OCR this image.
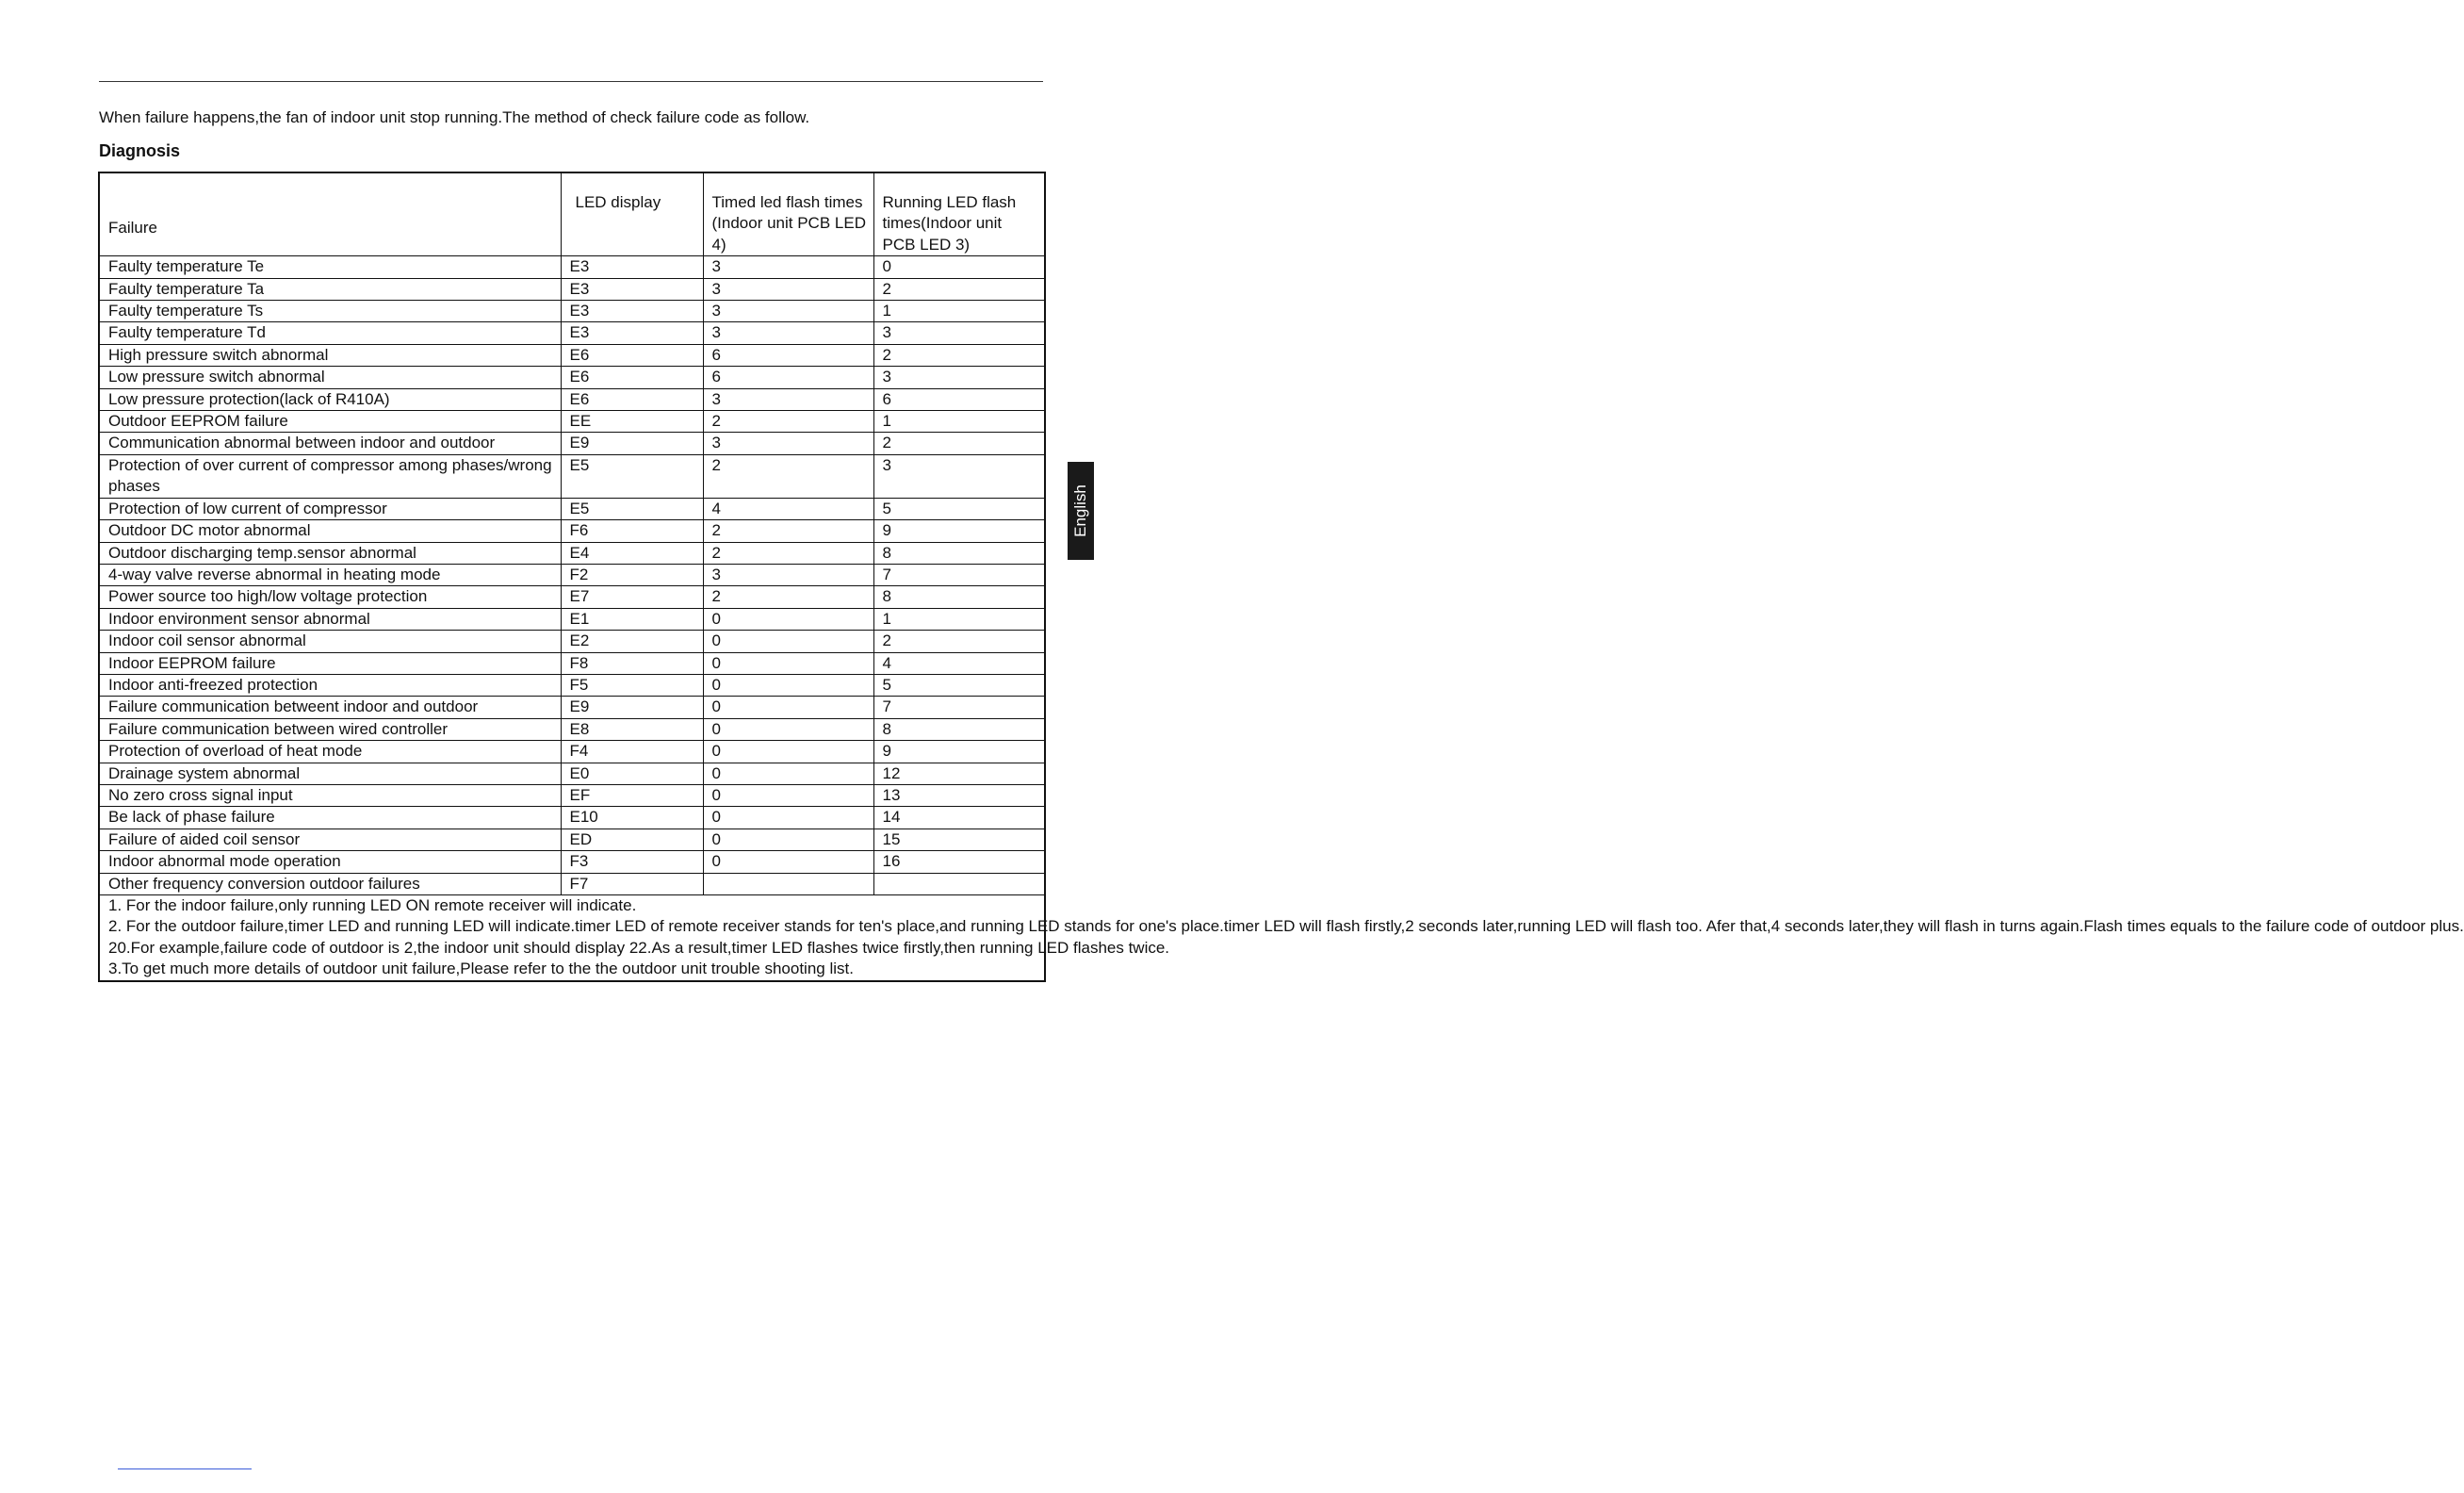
When failure happens,the fan of indoor unit stop running.The method of check failure code as follow.
Diagnosis
Failure	LED display	Timed led flash times (Indoor unit PCB LED 4)	Running LED flash times(Indoor unit PCB LED 3)
Faulty temperature Te	E3	3	0
Faulty temperature Ta	E3	3	2
Faulty temperature Ts	E3	3	1
Faulty temperature Td	E3	3	3
High pressure switch abnormal	E6	6	2
Low pressure switch abnormal	E6	6	3
Low pressure protection(lack of R410A)	E6	3	6
Outdoor EEPROM failure	EE	2	1
Communication abnormal between indoor and outdoor	E9	3	2
Protection of over current of compressor among phases/wrong phases	E5	2	3
Protection of low current of compressor	E5	4	5
Outdoor DC motor abnormal	F6	2	9
Outdoor discharging temp.sensor abnormal	E4	2	8
4-way valve reverse abnormal in heating mode	F2	3	7
Power source too high/low voltage protection	E7	2	8
Indoor environment sensor abnormal	E1	0	1
Indoor coil sensor abnormal	E2	0	2
Indoor EEPROM failure	F8	0	4
Indoor anti-freezed protection	F5	0	5
Failure communication betweent indoor and outdoor	E9	0	7
Failure communication between wired controller	E8	0	8
Protection of overload of heat mode	F4	0	9
Drainage system abnormal	E0	0	12
No zero cross signal input	EF	0	13
Be lack of phase failure	E10	0	14
Failure of aided coil sensor	ED	0	15
Indoor abnormal mode operation	F3	0	16
Other frequency conversion outdoor failures	F7		

1. For the indoor failure,only running LED ON remote receiver will indicate.
2. For the outdoor failure,timer LED and running LED will indicate.timer LED of remote receiver stands for ten's place,and running LED stands for one's place.timer LED will flash firstly,2 seconds later,running LED will flash too. Afer that,4 seconds later,they will flash in turns again.Flash times equals to the failure code of outdoor plus.
20.For example,failure code of outdoor is 2,the indoor unit should display 22.As a result,timer LED flashes twice firstly,then running LED flashes twice.
3.To get much more details of outdoor unit failure,Please refer to the the outdoor unit trouble shooting list.			
English
